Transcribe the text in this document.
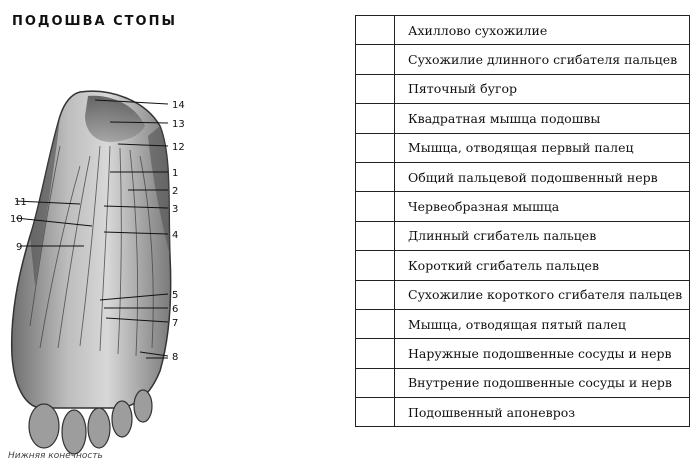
ПОДОШВА СТОПЫ
14
13
12
1
2
3
4
11
10
9
5
6
7
8
Нижняя конечность
	Ахиллово сухожилие
	Сухожилие длинного сгибателя пальцев
	Пяточный бугор
	Квадратная мышца подошвы
	Мышца, отводящая первый палец
	Общий пальцевой подошвенный нерв
	Червеобразная мышца
	Длинный сгибатель пальцев
	Короткий сгибатель пальцев
	Сухожилие короткого сгибателя пальцев
	Мышца, отводящая пятый палец
	Наружные подошвенные сосуды и нерв
	Внутрение подошвенные сосуды и нерв
	Подошвенный апоневроз
